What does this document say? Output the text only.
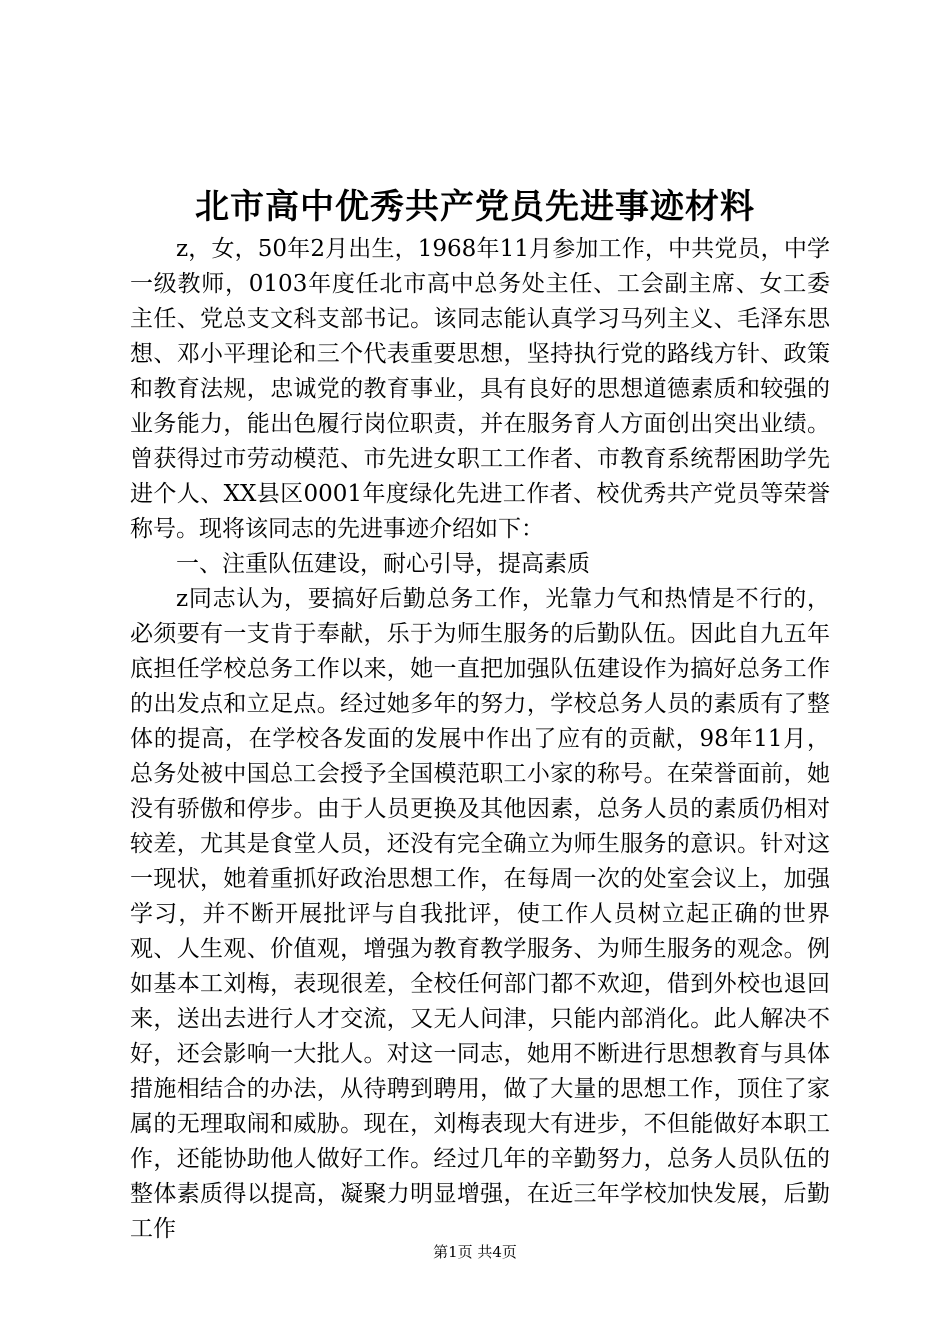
北市高中优秀共产党员先进事迹材料

z，女，50年2月出生，1968年11月参加工作，中共党员，中学一级教师，0103年度任北市高中总务处主任、工会副主席、女工委主任、党总支文科支部书记。该同志能认真学习马列主义、毛泽东思想、邓小平理论和三个代表重要思想，坚持执行党的路线方针、政策和教育法规，忠诚党的教育事业，具有良好的思想道德素质和较强的业务能力，能出色履行岗位职责，并在服务育人方面创出突出业绩。曾获得过市劳动模范、市先进女职工工作者、市教育系统帮困助学先进个人、XX县区0001年度绿化先进工作者、校优秀共产党员等荣誉称号。现将该同志的先进事迹介绍如下：

一、注重队伍建设，耐心引导，提高素质

z同志认为，要搞好后勤总务工作，光靠力气和热情是不行的，必须要有一支肯于奉献，乐于为师生服务的后勤队伍。因此自九五年底担任学校总务工作以来，她一直把加强队伍建设作为搞好总务工作的出发点和立足点。经过她多年的努力，学校总务人员的素质有了整体的提高，在学校各发面的发展中作出了应有的贡献，98年11月，总务处被中国总工会授予全国模范职工小家的称号。在荣誉面前，她没有骄傲和停步。由于人员更换及其他因素，总务人员的素质仍相对较差，尤其是食堂人员，还没有完全确立为师生服务的意识。针对这一现状，她着重抓好政治思想工作，在每周一次的处室会议上，加强学习，并不断开展批评与自我批评，使工作人员树立起正确的世界观、人生观、价值观，增强为教育教学服务、为师生服务的观念。例如基本工刘梅，表现很差，全校任何部门都不欢迎，借到外校也退回来，送出去进行人才交流，又无人问津，只能内部消化。此人解决不好，还会影响一大批人。对这一同志，她用不断进行思想教育与具体措施相结合的办法，从待聘到聘用，做了大量的思想工作，顶住了家属的无理取闹和威胁。现在，刘梅表现大有进步，不但能做好本职工作，还能协助他人做好工作。经过几年的辛勤努力，总务人员队伍的整体素质得以提高，凝聚力明显增强，在近三年学校加快发展，后勤工作

第1页 共4页
